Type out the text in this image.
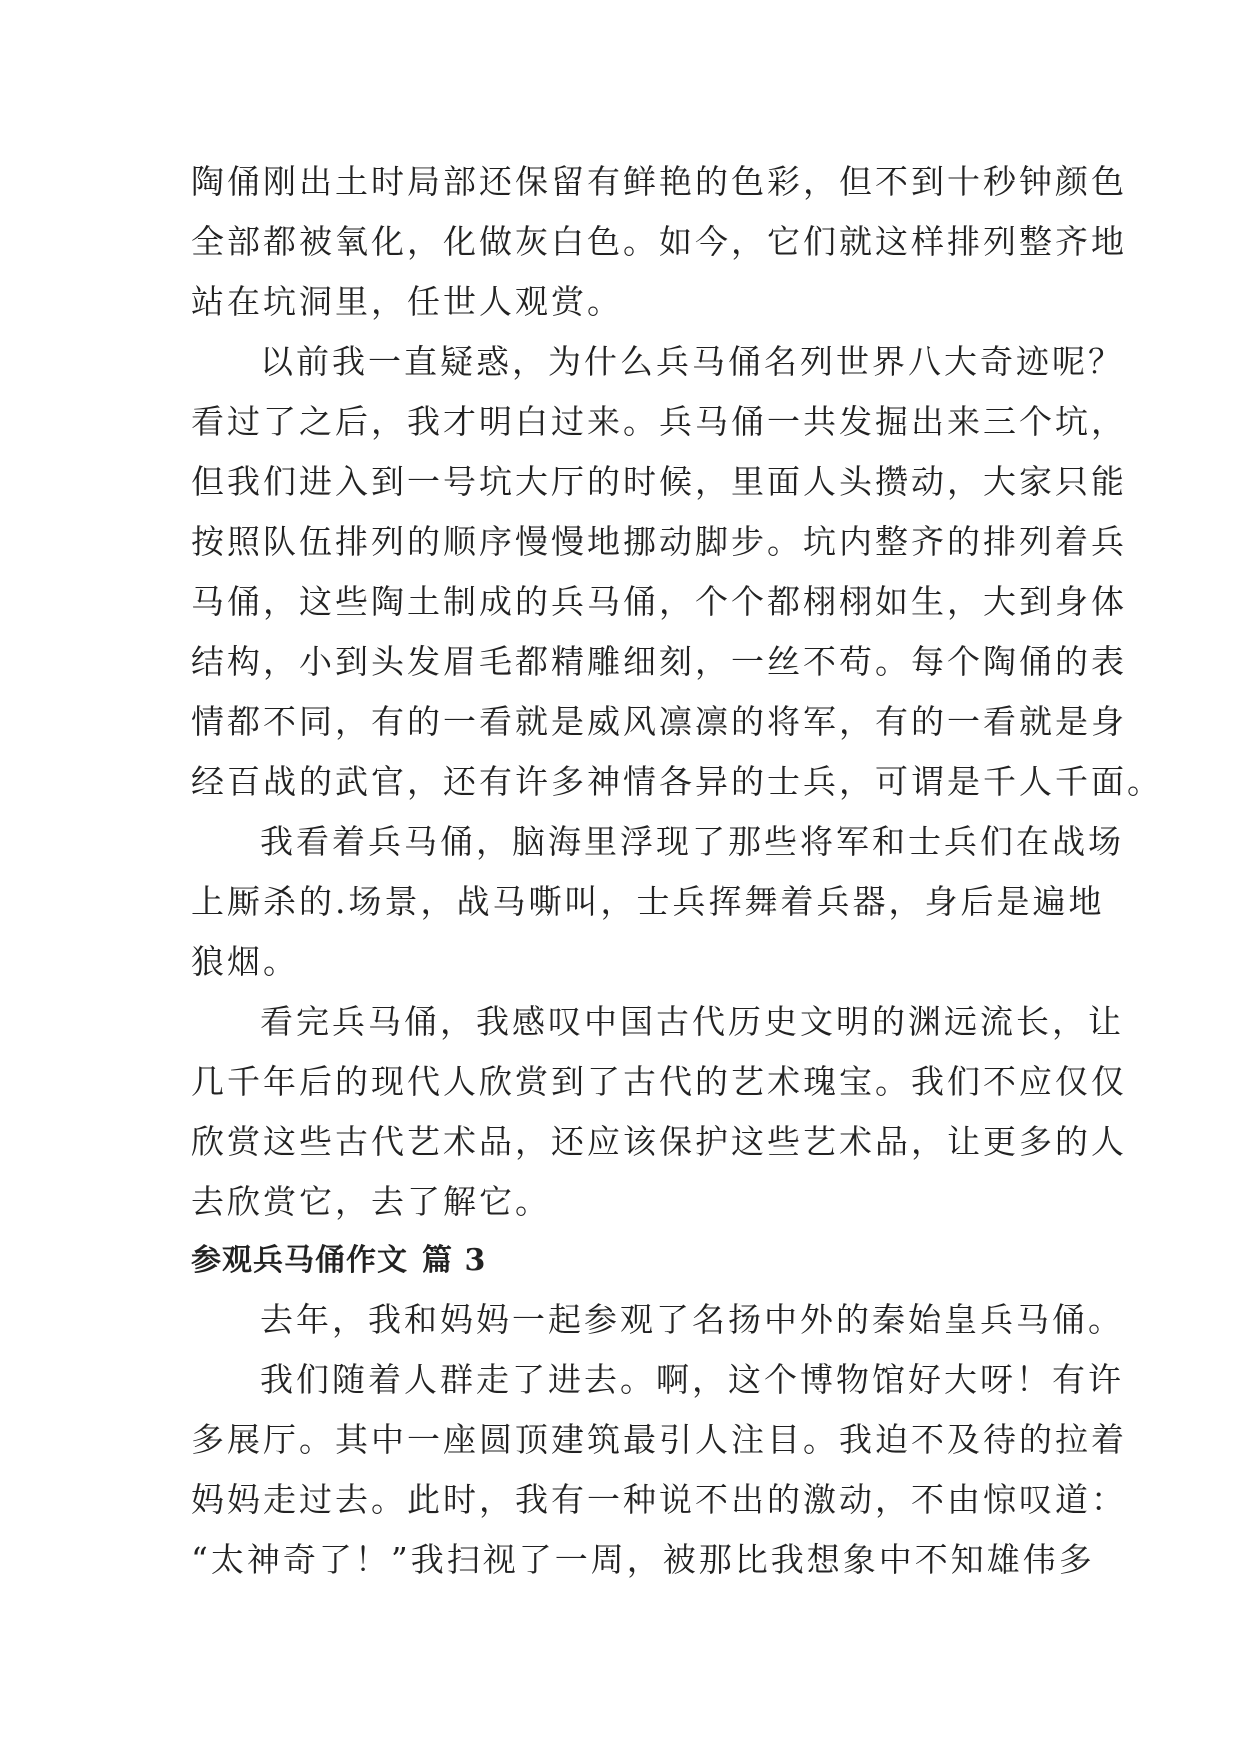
陶俑刚出土时局部还保留有鲜艳的色彩，但不到十秒钟颜色
全部都被氧化，化做灰白色。如今，它们就这样排列整齐地
站在坑洞里，任世人观赏。

以前我一直疑惑，为什么兵马俑名列世界八大奇迹呢？
看过了之后，我才明白过来。兵马俑一共发掘出来三个坑，
但我们进入到一号坑大厅的时候，里面人头攒动，大家只能
按照队伍排列的顺序慢慢地挪动脚步。坑内整齐的排列着兵
马俑，这些陶土制成的兵马俑，个个都栩栩如生，大到身体
结构，小到头发眉毛都精雕细刻，一丝不苟。每个陶俑的表
情都不同，有的一看就是威风凛凛的将军，有的一看就是身
经百战的武官，还有许多神情各异的士兵，可谓是千人千面。

我看着兵马俑，脑海里浮现了那些将军和士兵们在战场
上厮杀的.场景，战马嘶叫，士兵挥舞着兵器，身后是遍地
狼烟。

看完兵马俑，我感叹中国古代历史文明的渊远流长，让
几千年后的现代人欣赏到了古代的艺术瑰宝。我们不应仅仅
欣赏这些古代艺术品，还应该保护这些艺术品，让更多的人
去欣赏它，去了解它。

参观兵马俑作文 篇 3

去年，我和妈妈一起参观了名扬中外的秦始皇兵马俑。

我们随着人群走了进去。啊，这个博物馆好大呀！有许
多展厅。其中一座圆顶建筑最引人注目。我迫不及待的拉着
妈妈走过去。此时，我有一种说不出的激动，不由惊叹道：
“太神奇了！”我扫视了一周，被那比我想象中不知雄伟多
